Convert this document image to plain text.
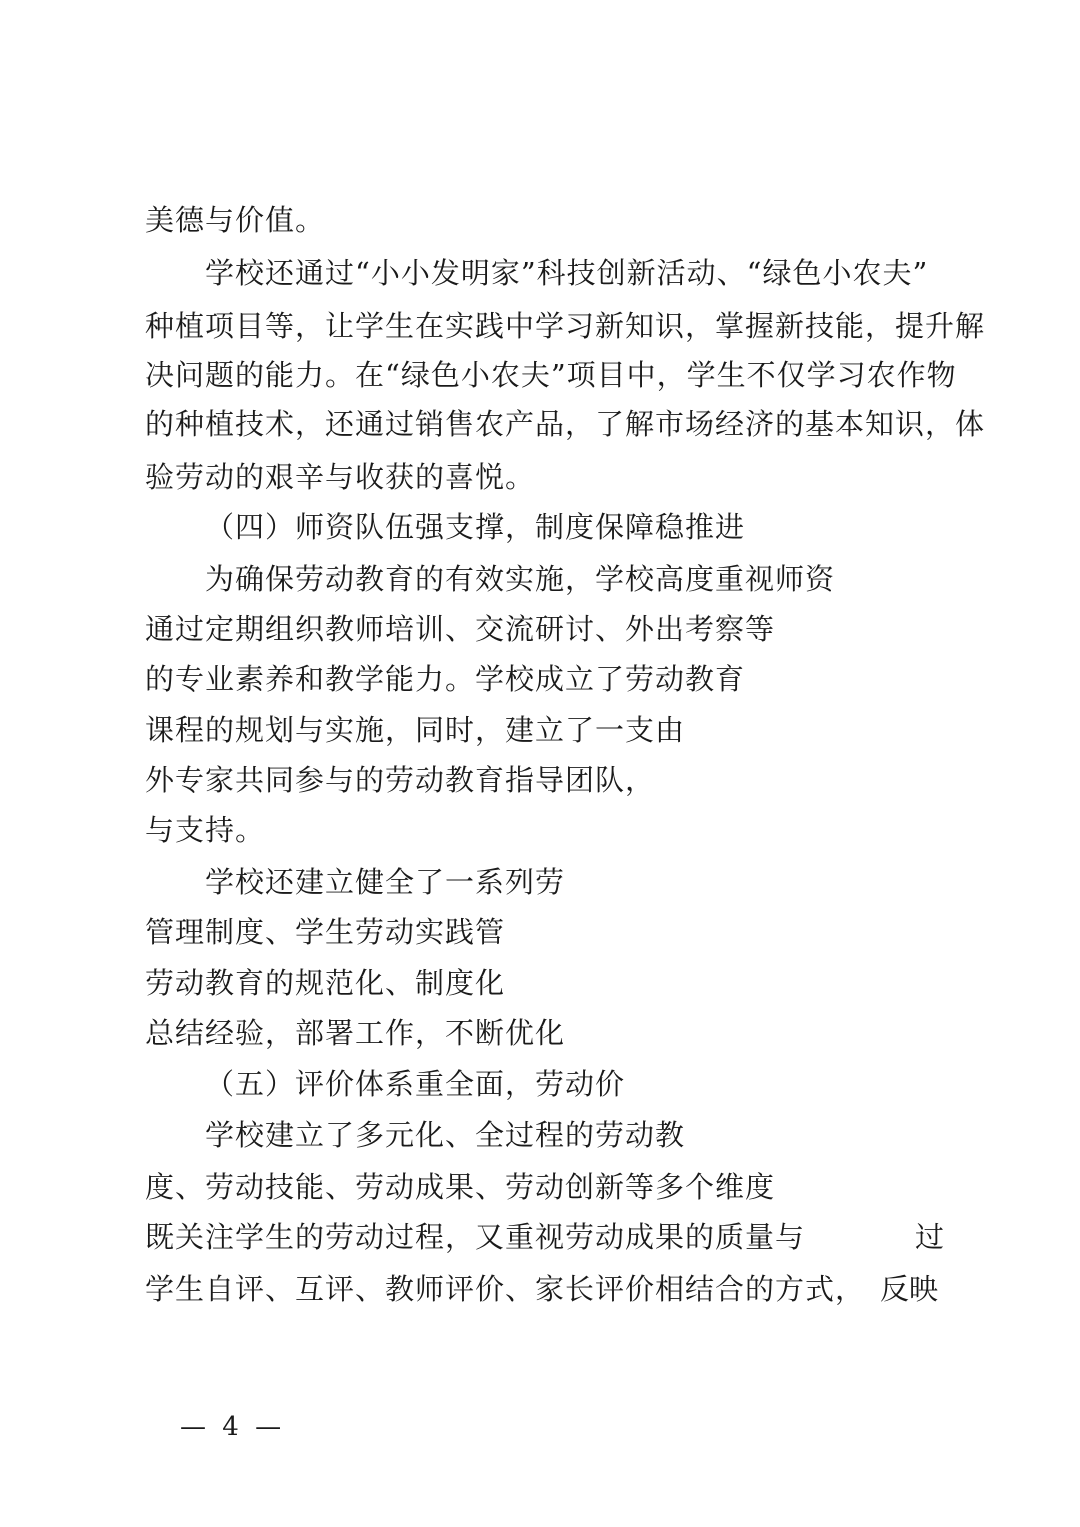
美德与价值。
学校还通过“小小发明家”科技创新活动、“绿色小农夫”
种植项目等，让学生在实践中学习新知识，掌握新技能，提升解
决问题的能力。在“绿色小农夫”项目中，学生不仅学习农作物
的种植技术，还通过销售农产品，了解市场经济的基本知识，体
验劳动的艰辛与收获的喜悦。
（四）师资队伍强支撑，制度保障稳推进
为确保劳动教育的有效实施，学校高度重视师资
通过定期组织教师培训、交流研讨、外出考察等
的专业素养和教学能力。学校成立了劳动教育
课程的规划与实施，同时，建立了一支由
外专家共同参与的劳动教育指导团队，
与支持。
学校还建立健全了一系列劳
管理制度、学生劳动实践管
劳动教育的规范化、制度化
总结经验，部署工作，不断优化
（五）评价体系重全面，劳动价
学校建立了多元化、全过程的劳动教
度、劳动技能、劳动成果、劳动创新等多个维度
既关注学生的劳动过程，又重视劳动成果的质量与	过
学生自评、互评、教师评价、家长评价相结合的方式， 反映
— 4 —
